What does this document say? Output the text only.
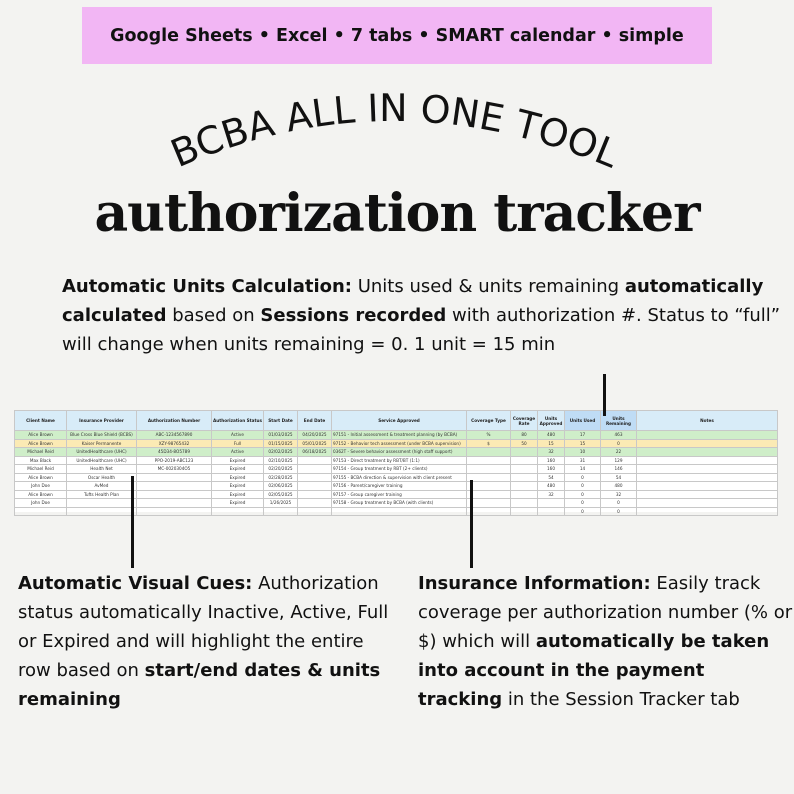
Google Sheets • Excel • 7 tabs • SMART calendar • simple
BCBA ALL IN ONE TOOL
authorization tracker
Automatic Units Calculation: Units used & units remaining automatically calculated based on Sessions recorded with authorization #. Status to “full” will change when units remaining = 0. 1 unit = 15 min
Client Name	Insurance Provider	Authorization Number	Authorization Status	Start Date	End Date	Service Approved	Coverage Type	Coverage Rate	Units Approved	Units Used	Units Remaining	Notes
Alice Brown	Blue Cross Blue Shield (BCBS)	ABC-1234567890	Active	01/03/2025	04/20/2025	97151 - Initial assessment & treatment planning (by BCBA)	%	80	480	17	463	
Alice Brown	Kaiser Permanente	XZY-98765432	Full	01/15/2025	05/01/2025	97152 - Behavior tech assessment (under BCBA supervision)	$	50	15	15	0	
Michael Reid	UnitedHealthcare (UHC)	45D34-8O5789	Active	02/02/2025	06/18/2025	0362T - Severe behavior assessment (high staff support)			32	10	22	
Max Black	UnitedHealthcare (UHC)	PPO-2019-ABC123	Expired	02/10/2025		97153 - Direct treatment by RBT/BT (1:1)			160	31	129	
Michael Reid	Health Net	MC-0020304O5	Expired	02/20/2025		97154 - Group treatment by RBT (2+ clients)			160	14	146	
Alice Brown	Oscar Health		Expired	02/28/2025		97155 - BCBA direction & supervision with client present			54	0	54	
John Doe	AvMed		Expired	02/06/2025		97156 - Parent/caregiver training			480	0	480	
Alice Brown	Tufts Health Plan		Expired	02/05/2025		97157 - Group caregiver training			32	0	32	
John Doe			Expired	1/26/2025		97158 - Group treatment by BCBA (with clients)				0	0	
										0	0	
Automatic Visual Cues: Authorization status automatically Inactive, Active, Full or Expired and will highlight the entire row based on start/end dates & units remaining
Insurance Information: Easily track coverage per authorization number (% or $) which will automatically be taken into account in the payment tracking in the Session Tracker tab
